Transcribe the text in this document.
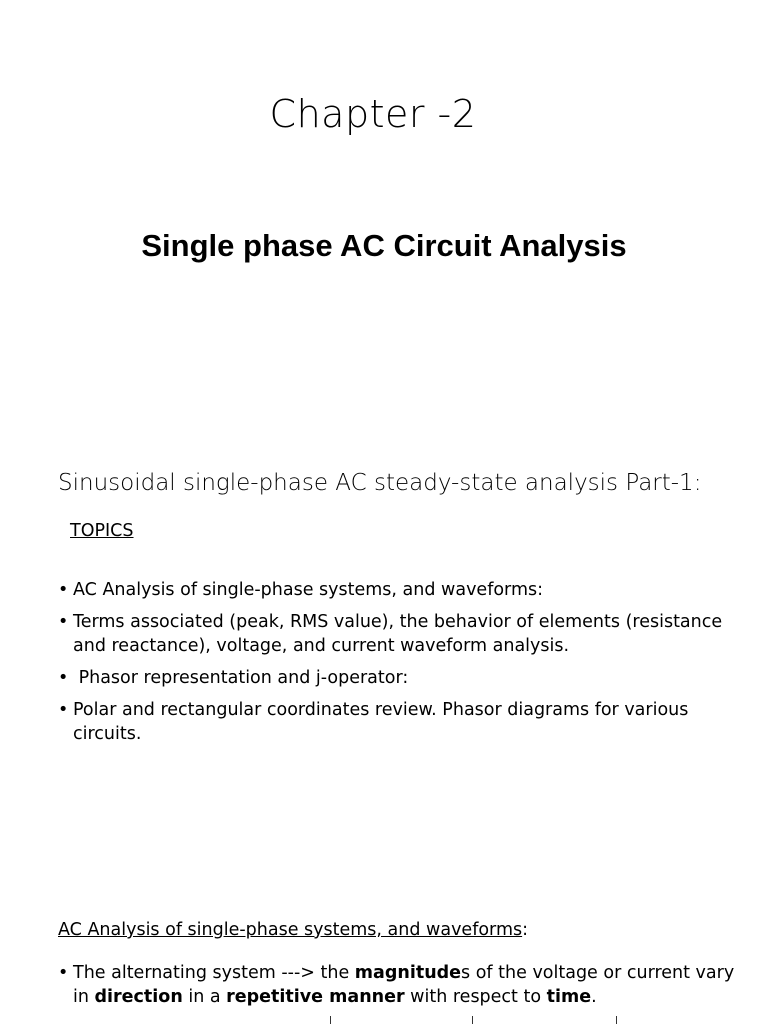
Chapter -2
Single phase AC Circuit Analysis
Sinusoidal single-phase AC steady-state analysis Part-1:
TOPICS
• AC Analysis of single-phase systems, and waveforms:
• Terms associated (peak, RMS value), the behavior of elements (resistance and reactance), voltage, and current waveform analysis.
• Phasor representation and j-operator:
• Polar and rectangular coordinates review. Phasor diagrams for various circuits.
AC Analysis of single-phase systems, and waveforms:
• The alternating system ---> the magnitudes of the voltage or current vary in direction in a repetitive manner with respect to time.
